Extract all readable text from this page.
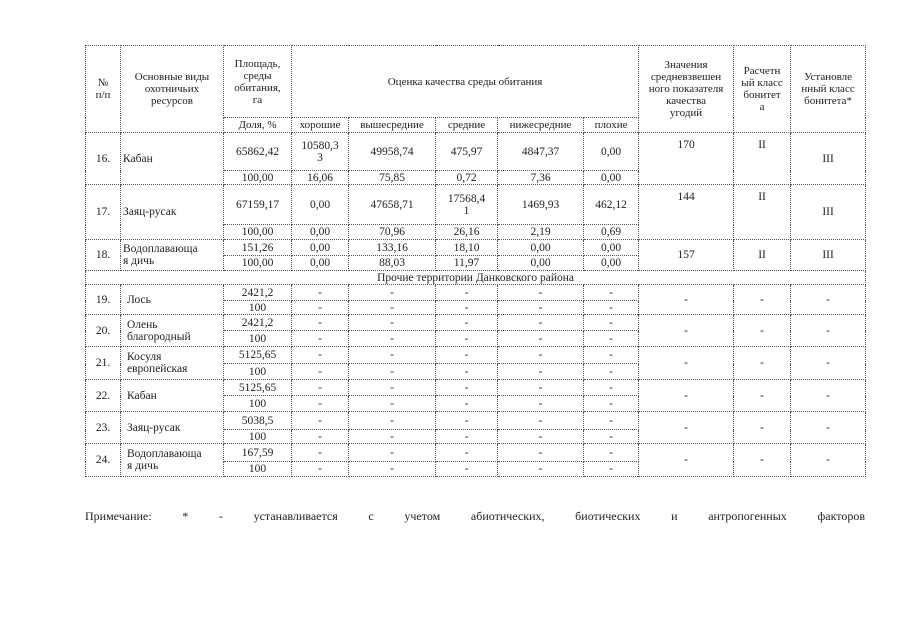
№
п/п	Основные виды
охотничьих
ресурсов	Площадь,
среды
обитания,
га	Оценка качества среды обитания					Значения
средневзвешен
ного показателя
качества
угодий	Расчетн
ый класс
бонитет
а	Установле
нный класс
бонитета*
		Доля, %	хорошие	вышесредние	средние	нижесредние	плохие			
16.	Кабан	65862,42	10580,3
3	49958,74	475,97	4847,37	0,00	170	II	III
		100,00	16,06	75,85	0,72	7,36	0,00			
17.	Заяц-русак	67159,17	0,00	47658,71	17568,4
1	1469,93	462,12	144	II	III
		100,00	0,00	70,96	26,16	2,19	0,69			
18.	Водоплавающа
я дичь	151,26	0,00	133,16	18,10	0,00	0,00	157	II	III
		100,00	0,00	88,03	11,97	0,00	0,00			
Прочие территории Данковского района										
19.	Лось	2421,2	-	-	-	-	-	-	-	-
		100	-	-	-	-	-			
20.	Олень
благородный	2421,2	-	-	-	-	-	-	-	-
		100	-	-	-	-	-			
21.	Косуля
европейская	5125,65	-	-	-	-	-	-	-	-
		100	-	-	-	-	-			
22.	Кабан	5125,65	-	-	-	-	-	-	-	-
		100	-	-	-	-	-			
23.	Заяц-русак	5038,5	-	-	-	-	-	-	-	-
		100	-	-	-	-	-			
24.	Водоплавающа
я дичь	167,59	-	-	-	-	-	-	-	-
		100	-	-	-	-	-			
Примечание: * - устанавливается с учетом абиотических, биотических и антропогенных факторов
